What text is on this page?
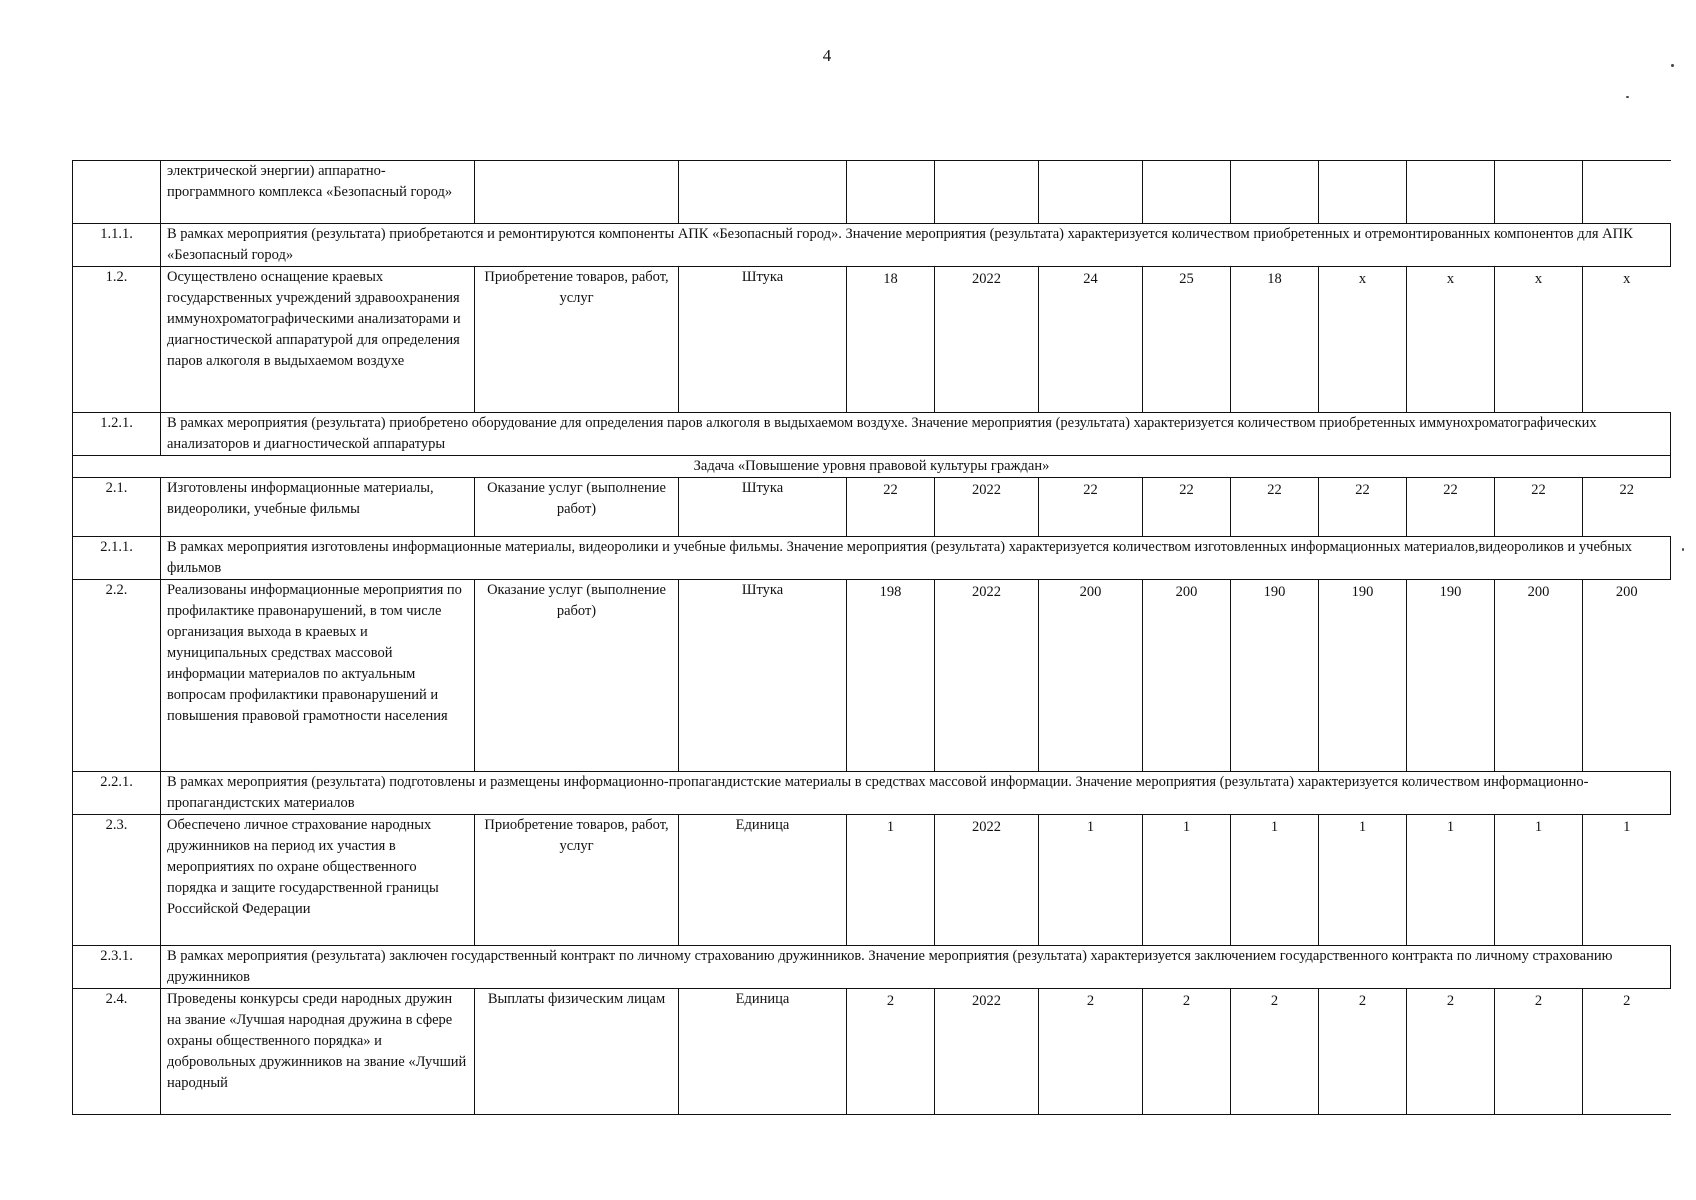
4
	электрической энергии) аппаратно- программного комплекса «Безопасный город»											
1.1.1.	В рамках мероприятия (результата) приобретаются и ремонтируются компоненты АПК «Безопасный город». Значение мероприятия (результата) характеризуется количеством приобретенных и отремонтированных компонентов для АПК «Безопасный город»											
1.2.	Осуществлено оснащение краевых государственных учреждений здравоохранения иммунохроматографическими анализаторами и диагностической аппаратурой для определения паров алкоголя в выдыхаемом воздухе	Приобретение товаров, работ, услуг	Штука	18	2022	24	25	18	x	x	x	x
1.2.1.	В рамках мероприятия (результата) приобретено оборудование для определения паров алкоголя в выдыхаемом воздухе. Значение мероприятия (результата) характеризуется количеством приобретенных иммунохроматографических анализаторов и диагностической аппаратуры											
Задача «Повышение уровня правовой культуры граждан»												
2.1.	Изготовлены информационные материалы, видеоролики, учебные фильмы	Оказание услуг (выполнение работ)	Штука	22	2022	22	22	22	22	22	22	22
2.1.1.	В рамках мероприятия изготовлены информационные материалы, видеоролики и учебные фильмы. Значение мероприятия (результата) характеризуется количеством изготовленных информационных материалов,видеороликов и учебных фильмов											
2.2.	Реализованы информационные мероприятия по профилактике правонарушений, в том числе организация выхода в краевых и муниципальных средствах массовой информации материалов по актуальным вопросам профилактики правонарушений и повышения правовой грамотности населения	Оказание услуг (выполнение работ)	Штука	198	2022	200	200	190	190	190	200	200
2.2.1.	В рамках мероприятия (результата) подготовлены и размещены информационно-пропагандистские материалы в средствах массовой информации. Значение мероприятия (результата) характеризуется количеством информационно-пропагандистских материалов											
2.3.	Обеспечено личное страхование народных дружинников на период их участия в мероприятиях по охране общественного порядка и защите государственной границы Российской Федерации	Приобретение товаров, работ, услуг	Единица	1	2022	1	1	1	1	1	1	1
2.3.1.	В рамках мероприятия (результата) заключен государственный контракт по личному страхованию дружинников. Значение мероприятия (результата) характеризуется заключением государственного контракта по личному страхованию дружинников											
2.4.	Проведены конкурсы среди народных дружин на звание «Лучшая народная дружина в сфере охраны общественного порядка» и добровольных дружинников на звание «Лучший народный	Выплаты физическим лицам	Единица	2	2022	2	2	2	2	2	2	2
